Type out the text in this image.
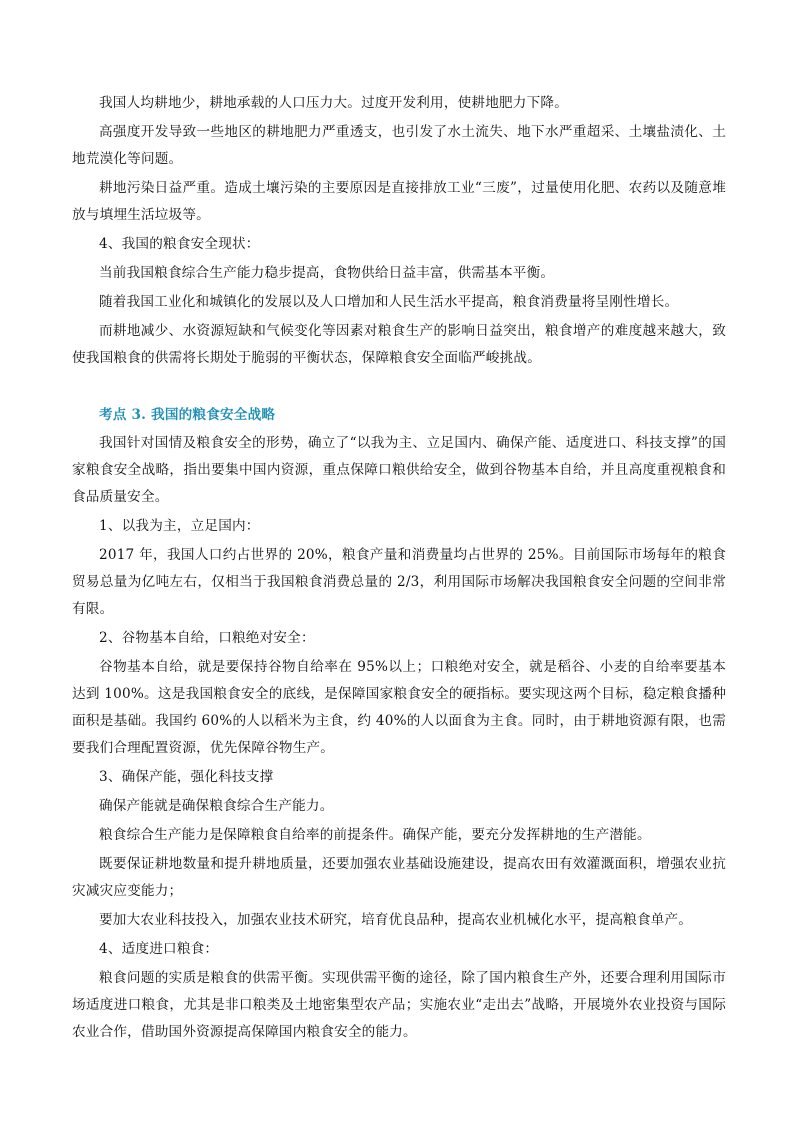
我国人均耕地少，耕地承载的人口压力大。过度开发利用，使耕地肥力下降。

高强度开发导致一些地区的耕地肥力严重透支，也引发了水土流失、地下水严重超采、土壤盐渍化、土地荒漠化等问题。

耕地污染日益严重。造成土壤污染的主要原因是直接排放工业“三废”，过量使用化肥、农药以及随意堆放与填埋生活垃圾等。

4、我国的粮食安全现状：

当前我国粮食综合生产能力稳步提高，食物供给日益丰富，供需基本平衡。

随着我国工业化和城镇化的发展以及人口增加和人民生活水平提高，粮食消费量将呈刚性增长。

而耕地减少、水资源短缺和气候变化等因素对粮食生产的影响日益突出，粮食增产的难度越来越大，致使我国粮食的供需将长期处于脆弱的平衡状态，保障粮食安全面临严峻挑战。

考点 3. 我国的粮食安全战略

我国针对国情及粮食安全的形势，确立了“以我为主、立足国内、确保产能、适度进口、科技支撑”的国家粮食安全战略，指出要集中国内资源，重点保障口粮供给安全，做到谷物基本自给，并且高度重视粮食和食品质量安全。

1、以我为主，立足国内：

2017 年，我国人口约占世界的 20%，粮食产量和消费量均占世界的 25%。目前国际市场每年的粮食贸易总量为亿吨左右，仅相当于我国粮食消费总量的 2/3，利用国际市场解决我国粮食安全问题的空间非常有限。

2、谷物基本自给，口粮绝对安全：

谷物基本自给，就是要保持谷物自给率在 95%以上；口粮绝对安全，就是稻谷、小麦的自给率要基本达到 100%。这是我国粮食安全的底线，是保障国家粮食安全的硬指标。要实现这两个目标，稳定粮食播种面积是基础。我国约 60%的人以稻米为主食，约 40%的人以面食为主食。同时，由于耕地资源有限，也需要我们合理配置资源，优先保障谷物生产。

3、确保产能，强化科技支撑

确保产能就是确保粮食综合生产能力。

粮食综合生产能力是保障粮食自给率的前提条件。确保产能，要充分发挥耕地的生产潜能。

既要保证耕地数量和提升耕地质量，还要加强农业基础设施建设，提高农田有效灌溉面积，增强农业抗灾减灾应变能力；

要加大农业科技投入，加强农业技术研究，培育优良品种，提高农业机械化水平，提高粮食单产。

4、适度进口粮食：

粮食问题的实质是粮食的供需平衡。实现供需平衡的途径，除了国内粮食生产外，还要合理利用国际市场适度进口粮食，尤其是非口粮类及土地密集型农产品；实施农业“走出去”战略，开展境外农业投资与国际农业合作，借助国外资源提高保障国内粮食安全的能力。
